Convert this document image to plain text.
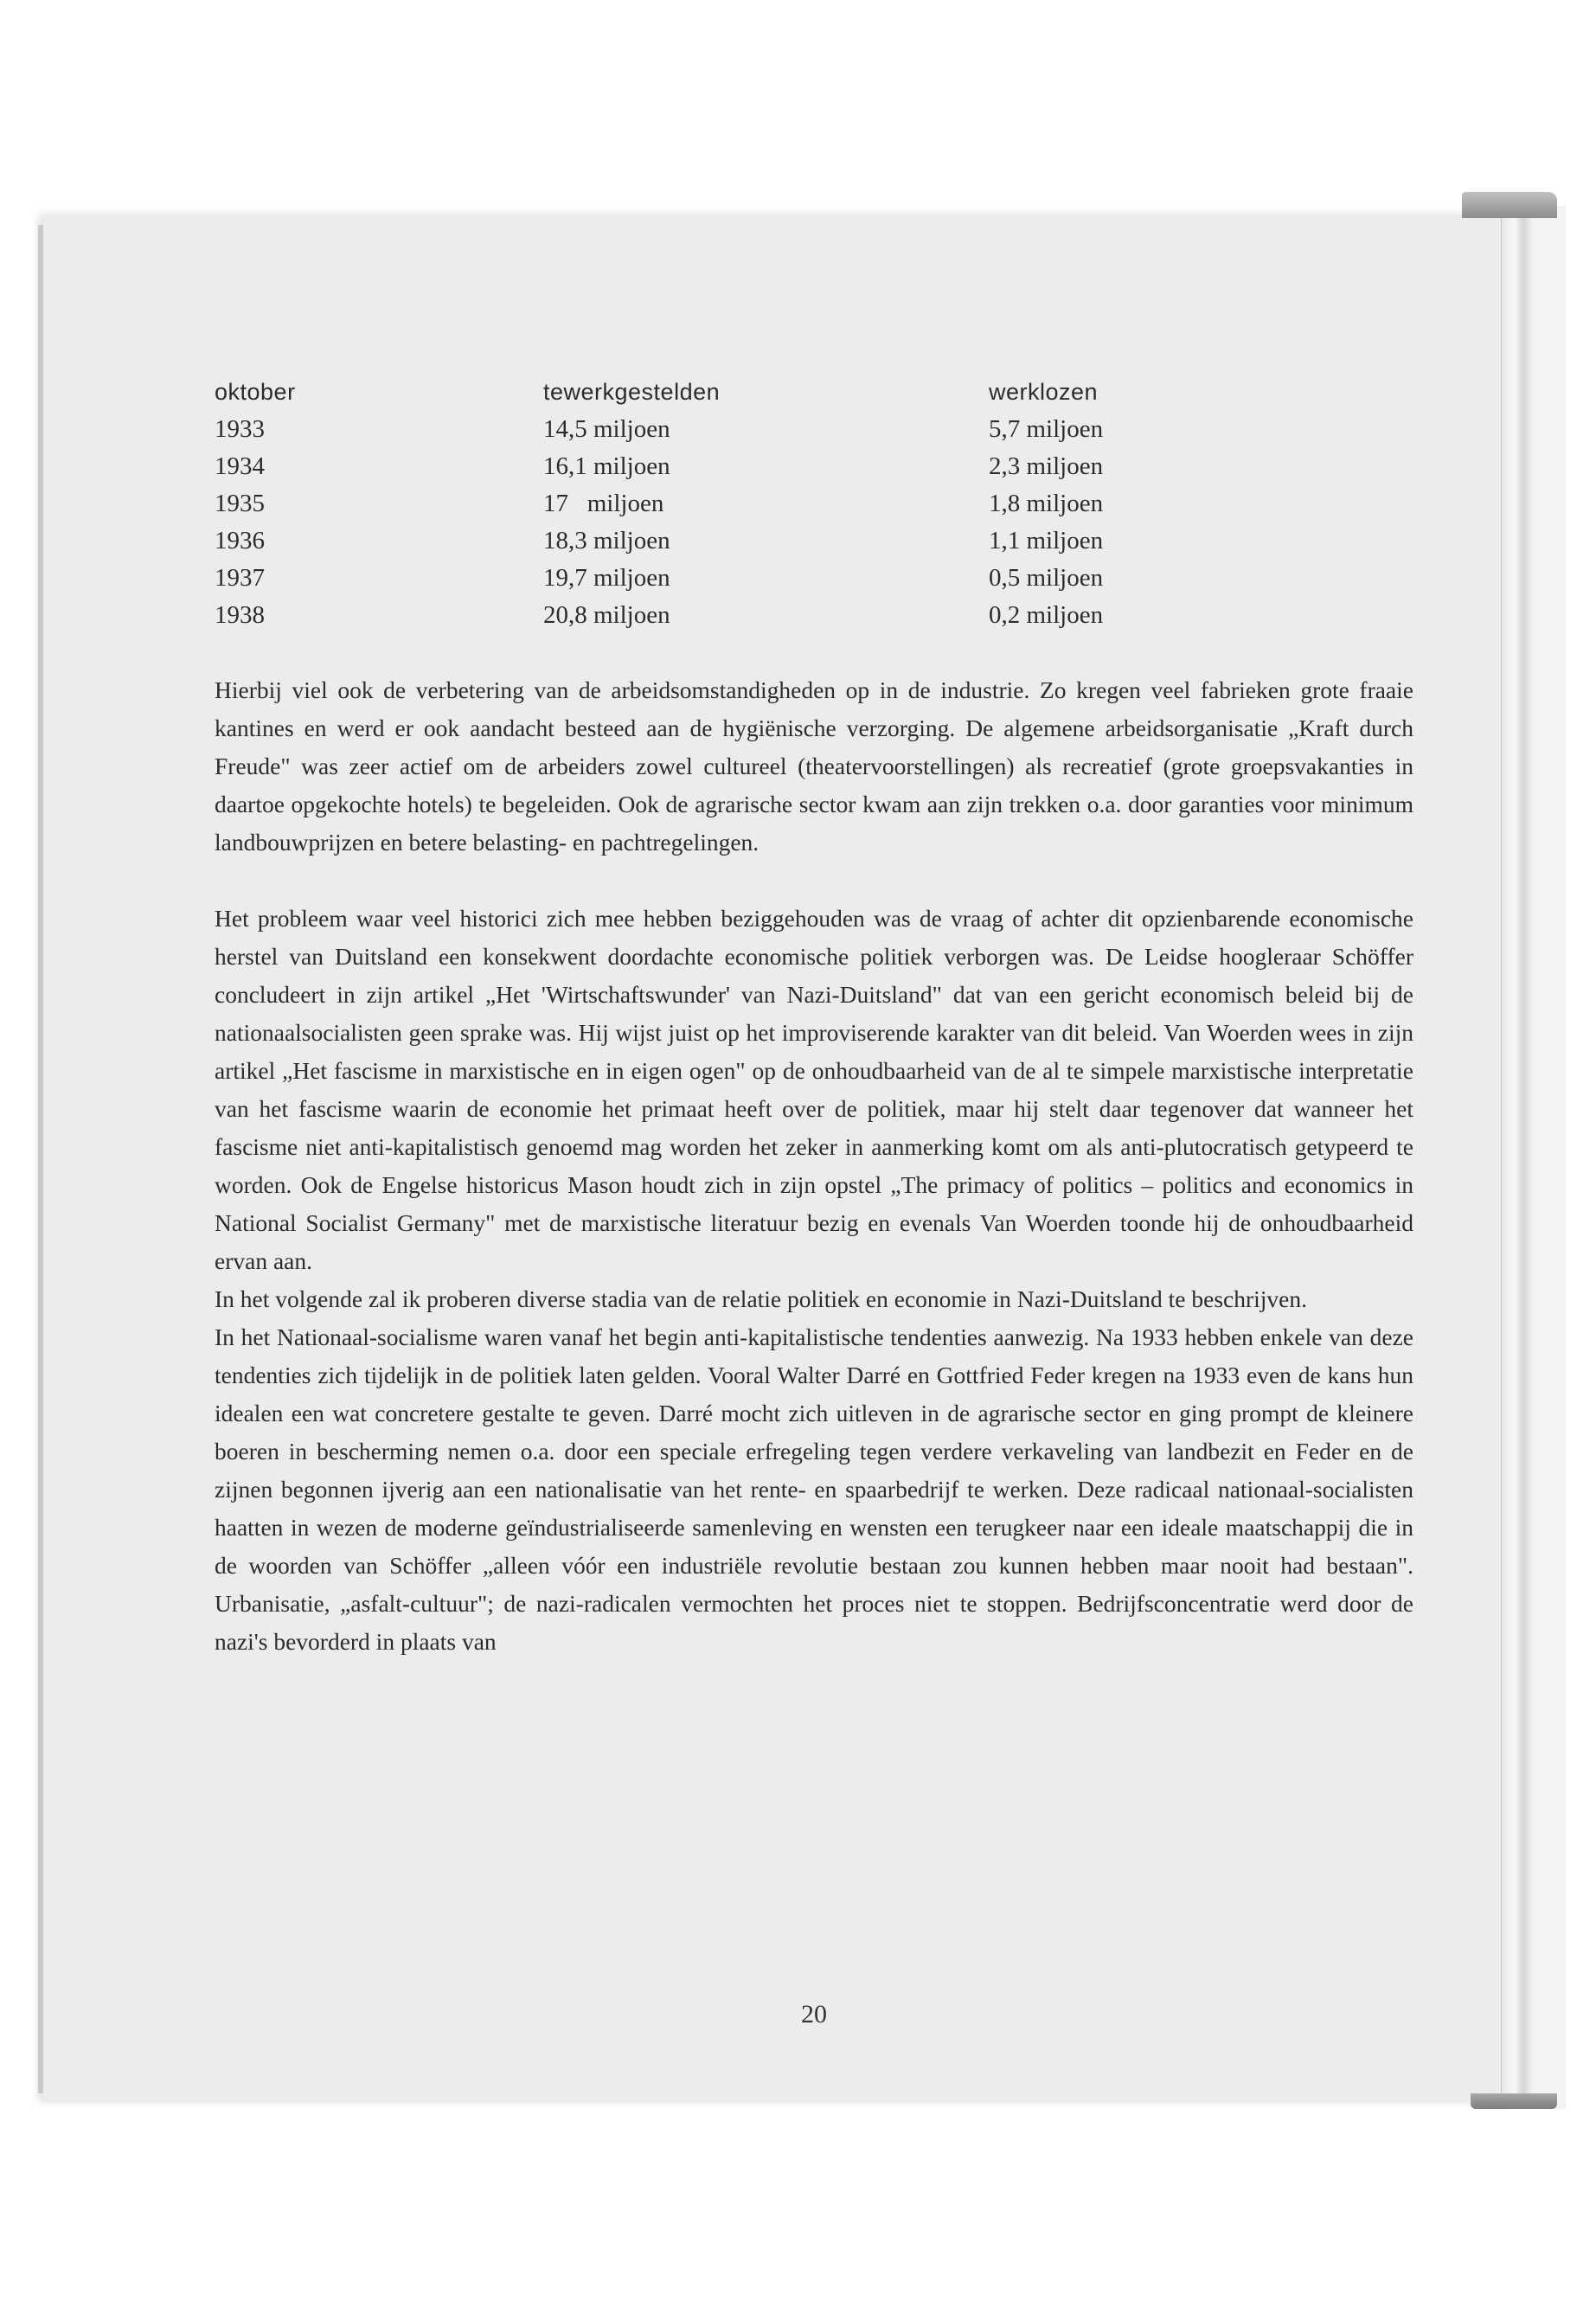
oktober	tewerkgestelden	werklozen
1933	14,5 miljoen	5,7 miljoen
1934	16,1 miljoen	2,3 miljoen
1935	17   miljoen	1,8 miljoen
1936	18,3 miljoen	1,1 miljoen
1937	19,7 miljoen	0,5 miljoen
1938	20,8 miljoen	0,2 miljoen

Hierbij viel ook de verbetering van de arbeidsomstandigheden op in de industrie. Zo kregen veel fabrieken grote fraaie kantines en werd er ook aandacht besteed aan de hygiënische verzorging. De algemene arbeidsorganisatie „Kraft durch Freude" was zeer actief om de arbeiders zowel cultureel (theatervoorstellingen) als recreatief (grote groepsvakanties in daartoe opgekochte hotels) te begeleiden. Ook de agrarische sector kwam aan zijn trekken o.a. door garanties voor minimum landbouwprijzen en betere belasting- en pachtregelingen.

Het probleem waar veel historici zich mee hebben beziggehouden was de vraag of achter dit opzienbarende economische herstel van Duitsland een konsekwent doordachte economische politiek verborgen was. De Leidse hoogleraar Schöffer concludeert in zijn artikel „Het 'Wirtschaftswunder' van Nazi-Duitsland" dat van een gericht economisch beleid bij de nationaalsocialisten geen sprake was. Hij wijst juist op het improviserende karakter van dit beleid. Van Woerden wees in zijn artikel „Het fascisme in marxistische en in eigen ogen" op de onhoudbaarheid van de al te simpele marxistische interpretatie van het fascisme waarin de economie het primaat heeft over de politiek, maar hij stelt daar tegenover dat wanneer het fascisme niet anti-kapitalistisch genoemd mag worden het zeker in aanmerking komt om als anti-plutocratisch getypeerd te worden. Ook de Engelse historicus Mason houdt zich in zijn opstel „The primacy of politics – politics and economics in National Socialist Germany" met de marxistische literatuur bezig en evenals Van Woerden toonde hij de onhoudbaarheid ervan aan.

In het volgende zal ik proberen diverse stadia van de relatie politiek en economie in Nazi-Duitsland te beschrijven.

In het Nationaal-socialisme waren vanaf het begin anti-kapitalistische tendenties aanwezig. Na 1933 hebben enkele van deze tendenties zich tijdelijk in de politiek laten gelden. Vooral Walter Darré en Gottfried Feder kregen na 1933 even de kans hun idealen een wat concretere gestalte te geven. Darré mocht zich uitleven in de agrarische sector en ging prompt de kleinere boeren in bescherming nemen o.a. door een speciale erfregeling tegen verdere verkaveling van landbezit en Feder en de zijnen begonnen ijverig aan een nationalisatie van het rente- en spaarbedrijf te werken. Deze radicaal nationaal-socialisten haatten in wezen de moderne geïndustrialiseerde samenleving en wensten een terugkeer naar een ideale maatschappij die in de woorden van Schöffer „alleen vóór een industriële revolutie bestaan zou kunnen hebben maar nooit had bestaan". Urbanisatie, „asfalt-cultuur"; de nazi-radicalen vermochten het proces niet te stoppen. Bedrijfsconcentratie werd door de nazi's bevorderd in plaats van

20
